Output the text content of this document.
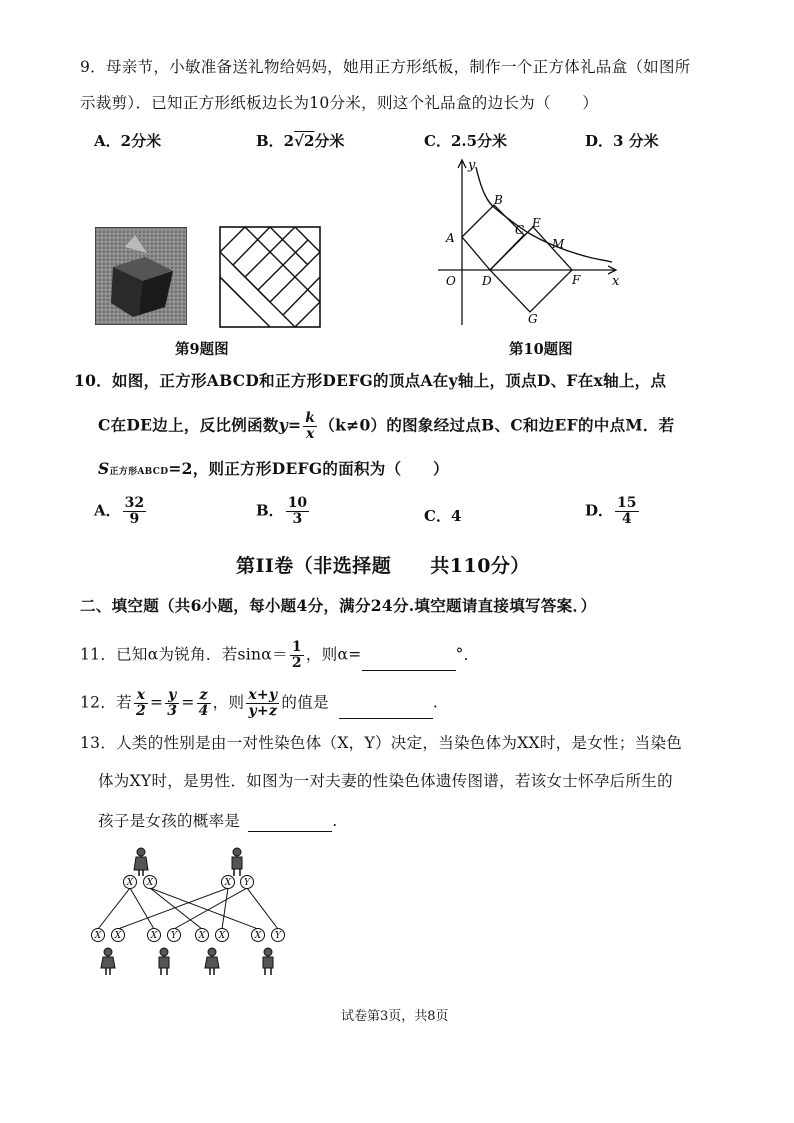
9．母亲节，小敏准备送礼物给妈妈，她用正方形纸板，制作一个正方体礼品盒（如图所
示裁剪）．已知正方形纸板边长为10分米，则这个礼品盒的边长为（　　）
A．2分米	B．2√2分米	C．2.5分米	D．3 分米
第9题图
y
x
O
A
B
C
D
E
F
G
M
第10题图
10．如图，正方形ABCD和正方形DEFG的顶点A在y轴上，顶点D、F在x轴上，点
C在DE边上，反比例函数$y= \frac{k}{x} (k\ne 0)$的图象经过点B、C和边EF的中点M．若
S正方形ABCD=2，则正方形DEFG的面积为（　　）
A． $\frac{32}{9}$	B． $\frac{10}{3}$	C．4	D． $\frac{15}{4}$
第II卷（非选择题　　共110分）
二、填空题（共6小题，每小题4分，满分24分.填空题请直接填写答案．）
11．已知α为锐角．若$\sin\alpha= \frac{1}{2}$ ，则α=	°．
12．若 $\frac{x}{2} = \frac{y}{3} = \frac{z}{4}$ ，则 $\frac{x+y}{y+z}$ 的值是	.
13．人类的性别是由一对性染色体（X，Y）决定，当染色体为XX时，是女性；当染色
体为XY时，是男性．如图为一对夫妻的性染色体遗传图谱，若该女士怀孕后所生的
孩子是女孩的概率是	.
X X	X Y
X X	X Y X X	X Y
试卷第3页，共8页
